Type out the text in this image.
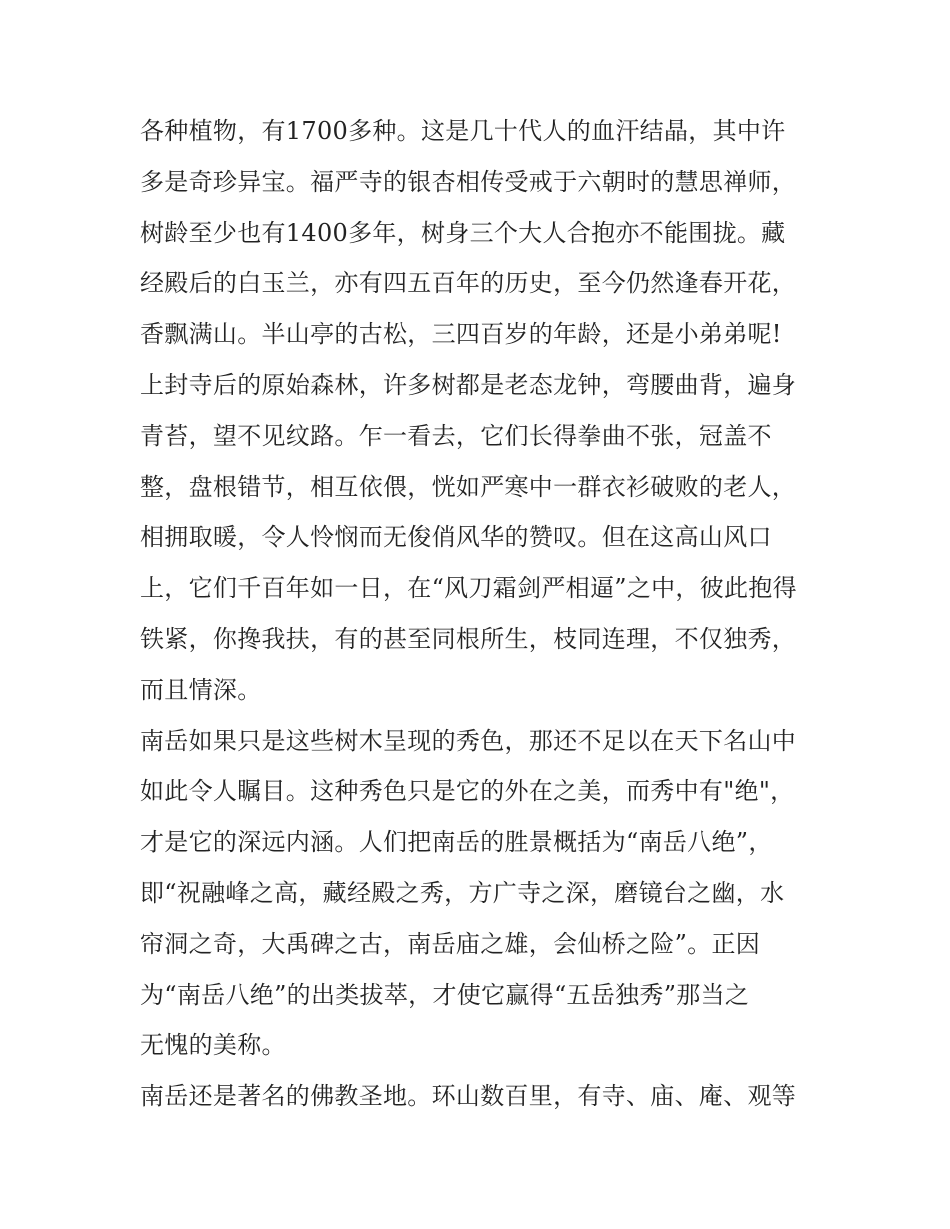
各种植物，有1700多种。这是几十代人的血汗结晶，其中许
多是奇珍异宝。福严寺的银杏相传受戒于六朝时的慧思禅师，
树龄至少也有1400多年，树身三个大人合抱亦不能围拢。藏
经殿后的白玉兰，亦有四五百年的历史，至今仍然逢春开花，
香飘满山。半山亭的古松，三四百岁的年龄，还是小弟弟呢!
上封寺后的原始森林，许多树都是老态龙钟，弯腰曲背，遍身
青苔，望不见纹路。乍一看去，它们长得拳曲不张，冠盖不
整，盘根错节，相互依偎，恍如严寒中一群衣衫破败的老人，
相拥取暖，令人怜悯而无俊俏风华的赞叹。但在这高山风口
上，它们千百年如一日，在“风刀霜剑严相逼”之中，彼此抱得
铁紧，你搀我扶，有的甚至同根所生，枝同连理，不仅独秀，
而且情深。
南岳如果只是这些树木呈现的秀色，那还不足以在天下名山中
如此令人瞩目。这种秀色只是它的外在之美，而秀中有"绝"，
才是它的深远内涵。人们把南岳的胜景概括为“南岳八绝”，
即“祝融峰之高，藏经殿之秀，方广寺之深，磨镜台之幽，水
帘洞之奇，大禹碑之古，南岳庙之雄，会仙桥之险”。正因
为“南岳八绝”的出类拔萃，才使它赢得“五岳独秀”那当之
无愧的美称。
南岳还是著名的佛教圣地。环山数百里，有寺、庙、庵、观等
